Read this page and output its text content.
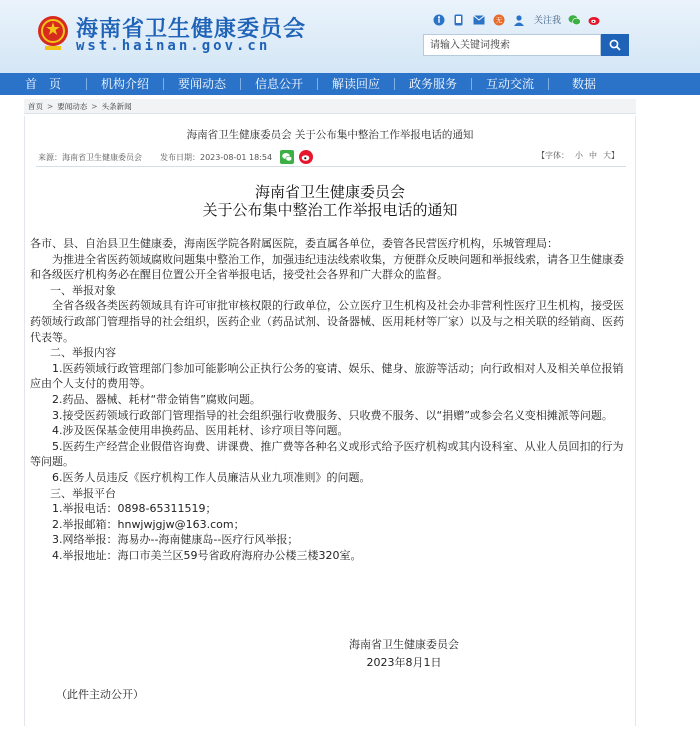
海南省卫生健康委员会
wst.hainan.gov.cn
无	关注我
请输入关键词搜索
首　页	机构介绍	要闻动态	信息公开	解读回应	政务服务	互动交流	数据
首页 > 要闻动态 > 头条新闻
海南省卫生健康委员会 关于公布集中整治工作举报电话的通知
来源：海南省卫生健康委员会 发布日期：2023-08-01 18:54	【字体： 小 中 大】
海南省卫生健康委员会
关于公布集中整治工作举报电话的通知

各市、县、自治县卫生健康委，海南医学院各附属医院，委直属各单位，委管各民营医疗机构，乐城管理局：

为推进全省医药领域腐败问题集中整治工作，加强违纪违法线索收集，方便群众反映问题和举报线索，请各卫生健康委和各级医疗机构务必在醒目位置公开全省举报电话，接受社会各界和广大群众的监督。

一、举报对象

全省各级各类医药领域具有许可审批审核权限的行政单位，公立医疗卫生机构及社会办非营利性医疗卫生机构，接受医药领域行政部门管理指导的社会组织，医药企业（药品试剂、设备器械、医用耗材等厂家）以及与之相关联的经销商、医药代表等。

二、举报内容

1.医药领域行政管理部门参加可能影响公正执行公务的宴请、娱乐、健身、旅游等活动；向行政相对人及相关单位报销应由个人支付的费用等。

2.药品、器械、耗材“带金销售”腐败问题。

3.接受医药领域行政部门管理指导的社会组织强行收费服务、只收费不服务、以“捐赠”或参会名义变相摊派等问题。

4.涉及医保基金使用串换药品、医用耗材、诊疗项目等问题。

5.医药生产经营企业假借咨询费、讲课费、推广费等各种名义或形式给予医疗机构或其内设科室、从业人员回扣的行为等问题。

6.医务人员违反《医疗机构工作人员廉洁从业九项准则》的问题。

三、举报平台

1.举报电话：0898-65311519；

2.举报邮箱：hnwjwjgjw@163.com；

3.网络举报：海易办--海南健康岛--医疗行风举报；

4.举报地址：海口市美兰区59号省政府海府办公楼三楼320室。

海南省卫生健康委员会
2023年8月1日
（此件主动公开）
